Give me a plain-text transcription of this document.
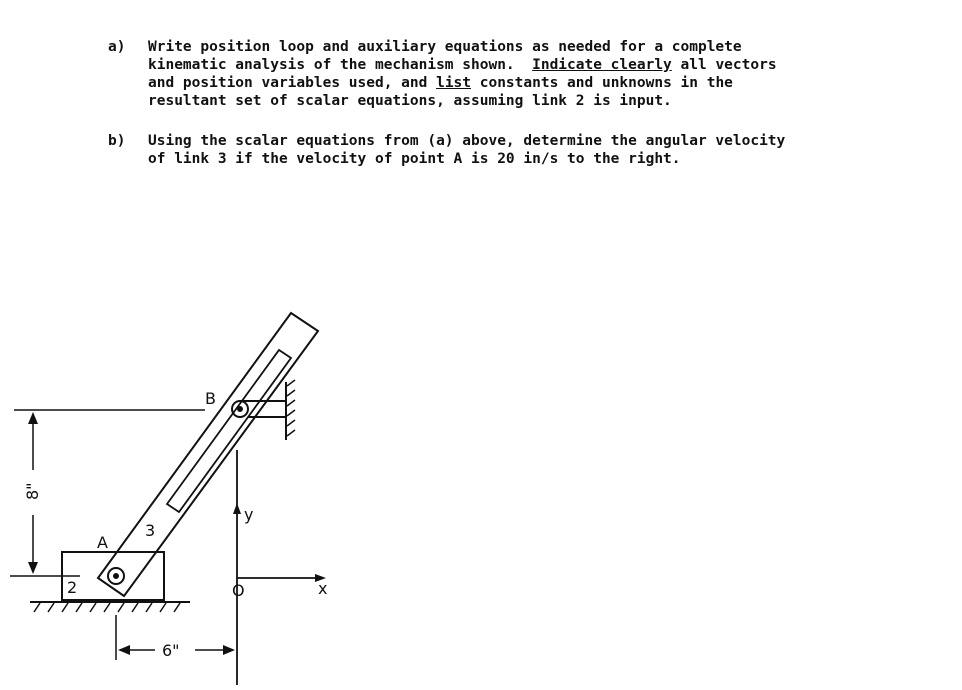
a)	Write position loop and auxiliary equations as needed for a complete
kinematic analysis of the mechanism shown.  Indicate clearly all vectors
and position variables used, and list constants and unknowns in the
resultant set of scalar equations, assuming link 2 is input.
b)	Using the scalar equations from (a) above, determine the angular velocity
of link 3 if the velocity of point A is 20 in/s to the right.
B
A
3
2
y
x
O
8"
6"
